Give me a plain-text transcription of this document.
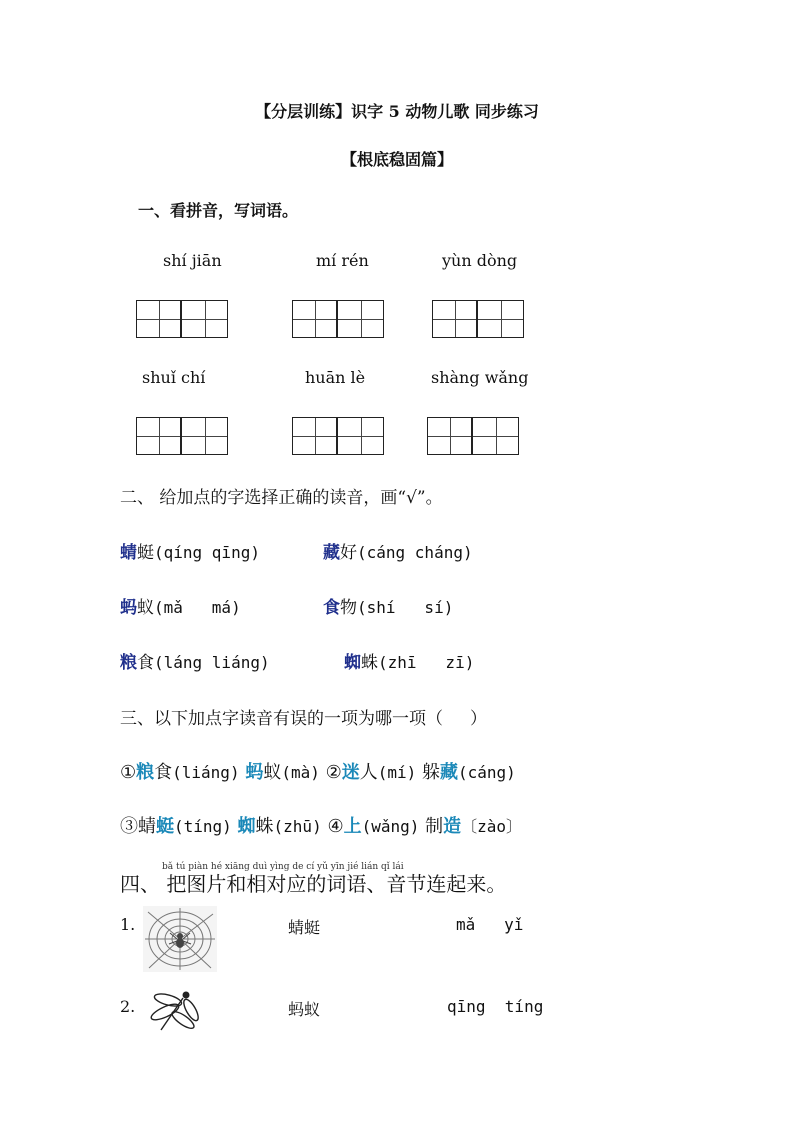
【分层训练】识字 5 动物儿歌 同步练习
【根底稳固篇】
一、看拼音，写词语。
shí jiān	mí rén	yùn dòng
shuǐ chí	huān lè	shàng wǎng
二、 给加点的字选择正确的读音，画“√”。
蜻蜓(qíng qīng)	藏好(cáng cháng)
蚂蚁(mǎ   má)	食物(shí   sí)
粮食(láng liáng)	蜘蛛(zhī   zī)
三、以下加点字读音有误的一项为哪一项（     ）
①粮食(liáng) 蚂蚁(mà) ②迷人(mí) 躲藏(cáng)
③蜻蜓(tíng) 蜘蛛(zhū) ④上(wǎng) 制造〔zào〕
bǎ tú piàn hé xiāng duì yìng de cí yǔ yīn jié lián qǐ lái
四、 把图片和相对应的词语、音节连起来。
1.	蜻蜓	mǎ   yǐ
2.	蚂蚁	qīng  tíng
